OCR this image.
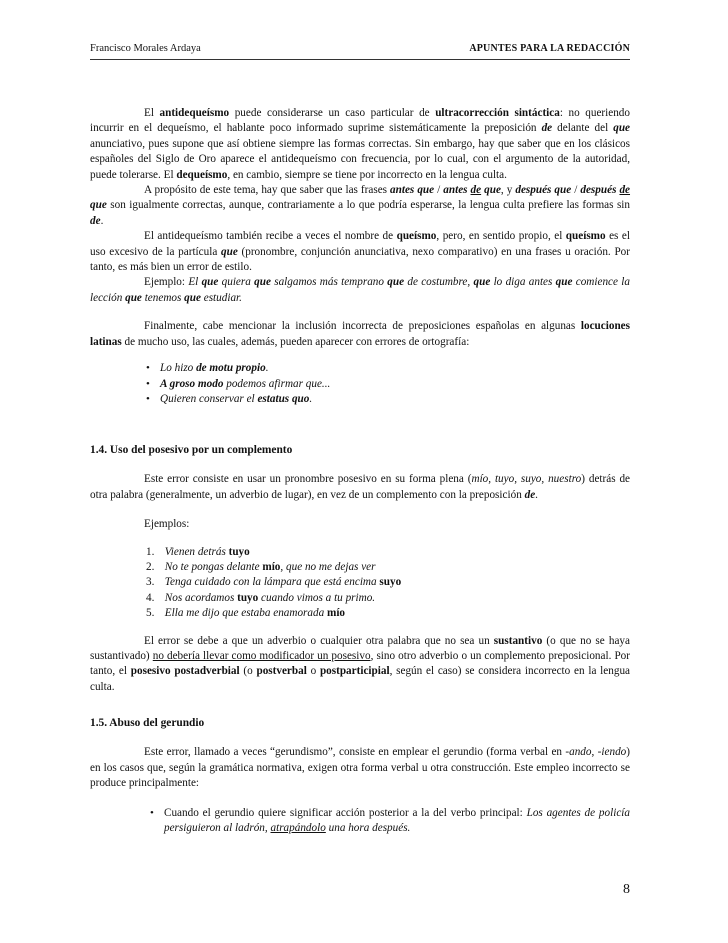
Francisco Morales Ardaya	APUNTES PARA LA REDACCIÓN

El antidequeísmo puede considerarse un caso particular de ultracorrección sintáctica: no queriendo incurrir en el dequeísmo, el hablante poco informado suprime sistemáticamente la preposición de delante del que anunciativo, pues supone que así obtiene siempre las formas correctas. Sin embargo, hay que saber que en los clásicos españoles del Siglo de Oro aparece el antidequeísmo con frecuencia, por lo cual, con el argumento de la autoridad, puede tolerarse. El dequeísmo, en cambio, siempre se tiene por incorrecto en la lengua culta.

A propósito de este tema, hay que saber que las frases antes que / antes de que, y después que / después de que son igualmente correctas, aunque, contrariamente a lo que podría esperarse, la lengua culta prefiere las formas sin de.

El antidequeísmo también recibe a veces el nombre de queísmo, pero, en sentido propio, el queísmo es el uso excesivo de la partícula que (pronombre, conjunción anunciativa, nexo comparativo) en una frases u oración. Por tanto, es más bien un error de estilo.

Ejemplo: El que quiera que salgamos más temprano que de costumbre, que lo diga antes que comience la lección que tenemos que estudiar.

Finalmente, cabe mencionar la inclusión incorrecta de preposiciones españolas en algunas locuciones latinas de mucho uso, las cuales, además, pueden aparecer con errores de ortografía:

• Lo hizo de motu propio.
• A groso modo podemos afirmar que...
• Quieren conservar el estatus quo.
1.4. Uso del posesivo por un complemento

Este error consiste en usar un pronombre posesivo en su forma plena (mío, tuyo, suyo, nuestro) detrás de otra palabra (generalmente, un adverbio de lugar), en vez de un complemento con la preposición de.

Ejemplos:

1. Vienen detrás tuyo
2. No te pongas delante mío, que no me dejas ver
3. Tenga cuidado con la lámpara que está encima suyo
4. Nos acordamos tuyo cuando vimos a tu primo.
5. Ella me dijo que estaba enamorada mío

El error se debe a que un adverbio o cualquier otra palabra que no sea un sustantivo (o que no se haya sustantivado) no debería llevar como modificador un posesivo, sino otro adverbio o un complemento preposicional. Por tanto, el posesivo postadverbial (o postverbal o postparticipial, según el caso) se considera incorrecto en la lengua culta.

1.5. Abuso del gerundio

Este error, llamado a veces “gerundismo”, consiste en emplear el gerundio (forma verbal en -ando, -iendo) en los casos que, según la gramática normativa, exigen otra forma verbal u otra construcción. Este empleo incorrecto se produce principalmente:

• Cuando el gerundio quiere significar acción posterior a la del verbo principal: Los agentes de policía persiguieron al ladrón, atrapándolo una hora después.
8
